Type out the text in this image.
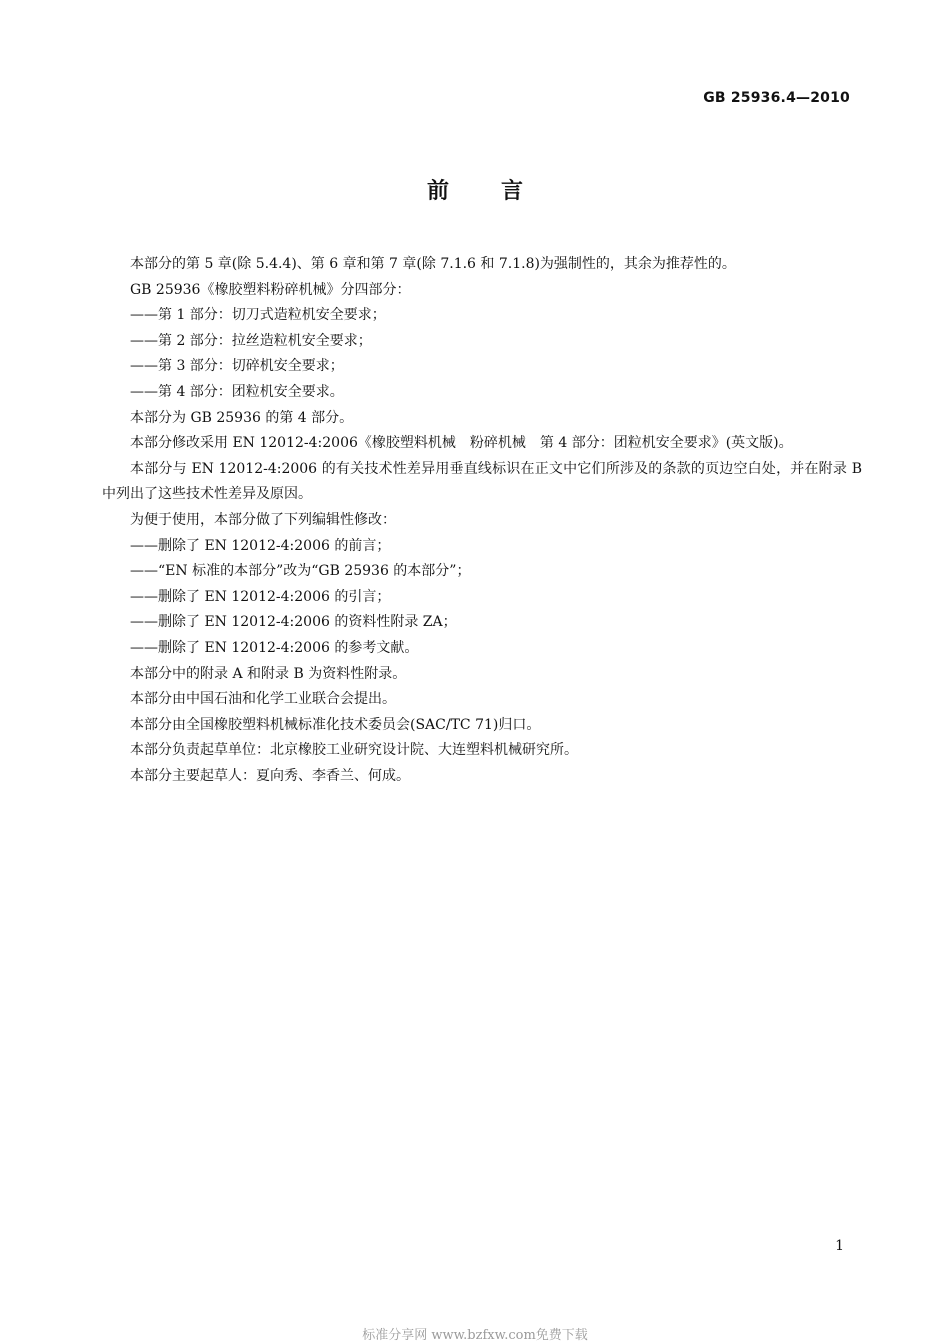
GB 25936.4—2010
前 言

本部分的第 5 章(除 5.4.4)、第 6 章和第 7 章(除 7.1.6 和 7.1.8)为强制性的，其余为推荐性的。

GB 25936《橡胶塑料粉碎机械》分四部分：

——第 1 部分：切刀式造粒机安全要求；

——第 2 部分：拉丝造粒机安全要求；

——第 3 部分：切碎机安全要求；

——第 4 部分：团粒机安全要求。

本部分为 GB 25936 的第 4 部分。

本部分修改采用 EN 12012-4:2006《橡胶塑料机械　粉碎机械　第 4 部分：团粒机安全要求》(英文版)。

本部分与 EN 12012-4:2006 的有关技术性差异用垂直线标识在正文中它们所涉及的条款的页边空白处，并在附录 B 中列出了这些技术性差异及原因。

为便于使用，本部分做了下列编辑性修改：

——删除了 EN 12012-4:2006 的前言；

——“EN 标准的本部分”改为“GB 25936 的本部分”；

——删除了 EN 12012-4:2006 的引言；

——删除了 EN 12012-4:2006 的资料性附录 ZA；

——删除了 EN 12012-4:2006 的参考文献。

本部分中的附录 A 和附录 B 为资料性附录。

本部分由中国石油和化学工业联合会提出。

本部分由全国橡胶塑料机械标准化技术委员会(SAC/TC 71)归口。

本部分负责起草单位：北京橡胶工业研究设计院、大连塑料机械研究所。

本部分主要起草人：夏向秀、李香兰、何成。

1
标准分享网 www.bzfxw.com免费下载
